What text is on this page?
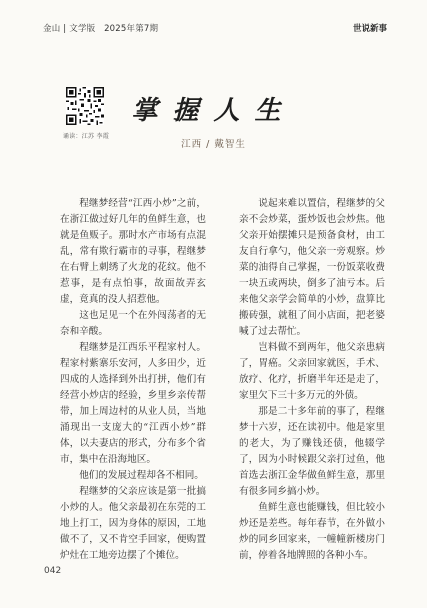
金山 | 文学版　2025年第7期	世说新事
诵读：江苏 李霞
掌握人生
江西 / 戴智生

程继梦经营“江西小炒”之前，在浙江做过好几年的鱼鲜生意，也就是鱼贩子。那时水产市场有点混乱，常有欺行霸市的寻事，程继梦在右臂上刺绣了火龙的花纹。他不惹事，是有点怕事，故面故弄玄虚，竟真的没人招惹他。

这也足见一个在外闯荡者的无奈和辛酸。

程继梦是江西乐平程家村人。程家村紫寨乐安河，人多田少，近四成的人选择到外出打拼，他们有经营小炒店的经验，乡里乡亲传帮带，加上周边村的从业人员，当地涌现出一支庞大的“江西小炒”群体，以夫妻店的形式，分布多个省市，集中在沿海地区。

他们的发展过程却各不相同。

程继梦的父亲应该是第一批搞小炒的人。他父亲最初在东莞的工地上打工，因为身体的原因，工地做不了，又不肯空手回家，便购置炉灶在工地旁边摆了个摊位。

说起来难以置信，程继梦的父亲不会炒菜，蛋炒饭也会炒焦。他父亲开始摆摊只是预备食材，由工友自行拿勺，他父亲一旁观察。炒菜的油得自己掌握，一份饭菜收费一块五或两块，倒多了油亏本。后来他父亲学会简单的小炒，盘算比搬砖强，就租了间小店面，把老婆喊了过去帮忙。

岂料做不到两年，他父亲患病了，胃癌。父亲回家就医，手术、放疗、化疗，折磨半年还是走了，家里欠下三十多万元的外债。

那是二十多年前的事了，程继梦十六岁，还在读初中。他是家里的老大，为了赚钱还债，他辍学了，因为小时候跟父亲打过鱼，他首选去浙江金华做鱼鲜生意，那里有很多同乡搞小炒。

鱼鲜生意也能赚钱，但比较小炒还是差些。每年春节，在外做小炒的同乡回家来，一幢幢新楼房门前，停着各地牌照的各种小车。

042
